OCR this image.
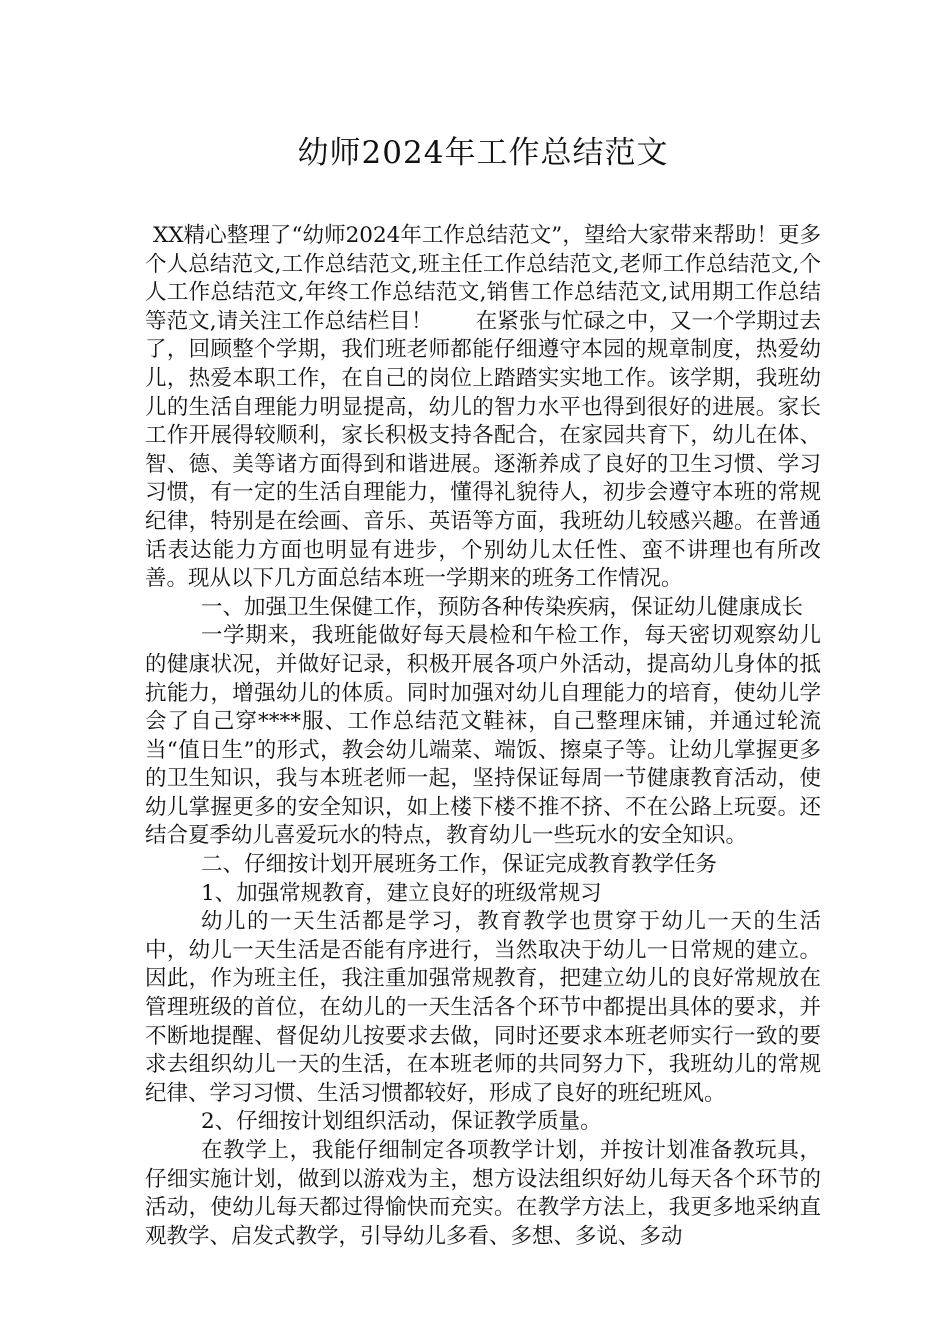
幼师2024年工作总结范文

XX精心整理了“幼师2024年工作总结范文”，望给大家带来帮助！更多个人总结范文,工作总结范文,班主任工作总结范文,老师工作总结范文,个人工作总结范文,年终工作总结范文,销售工作总结范文,试用期工作总结等范文,请关注工作总结栏目！　　在紧张与忙碌之中，又一个学期过去了，回顾整个学期，我们班老师都能仔细遵守本园的规章制度，热爱幼儿，热爱本职工作，在自己的岗位上踏踏实实地工作。该学期，我班幼儿的生活自理能力明显提高，幼儿的智力水平也得到很好的进展。家长工作开展得较顺利，家长积极支持各配合，在家园共育下，幼儿在体、智、德、美等诸方面得到和谐进展。逐渐养成了良好的卫生习惯、学习习惯，有一定的生活自理能力，懂得礼貌待人，初步会遵守本班的常规纪律，特别是在绘画、音乐、英语等方面，我班幼儿较感兴趣。在普通话表达能力方面也明显有进步，个别幼儿太任性、蛮不讲理也有所改善。现从以下几方面总结本班一学期来的班务工作情况。

一、加强卫生保健工作，预防各种传染疾病，保证幼儿健康成长

一学期来，我班能做好每天晨检和午检工作，每天密切观察幼儿的健康状况，并做好记录，积极开展各项户外活动，提高幼儿身体的抵抗能力，增强幼儿的体质。同时加强对幼儿自理能力的培育，使幼儿学会了自己穿****服、工作总结范文鞋袜，自己整理床铺，并通过轮流当“值日生”的形式，教会幼儿端菜、端饭、擦桌子等。让幼儿掌握更多的卫生知识，我与本班老师一起，坚持保证每周一节健康教育活动，使幼儿掌握更多的安全知识，如上楼下楼不推不挤、不在公路上玩耍。还结合夏季幼儿喜爱玩水的特点，教育幼儿一些玩水的安全知识。

二、仔细按计划开展班务工作，保证完成教育教学任务

1、加强常规教育，建立良好的班级常规习

幼儿的一天生活都是学习，教育教学也贯穿于幼儿一天的生活中，幼儿一天生活是否能有序进行，当然取决于幼儿一日常规的建立。因此，作为班主任，我注重加强常规教育，把建立幼儿的良好常规放在管理班级的首位，在幼儿的一天生活各个环节中都提出具体的要求，并不断地提醒、督促幼儿按要求去做，同时还要求本班老师实行一致的要求去组织幼儿一天的生活，在本班老师的共同努力下，我班幼儿的常规纪律、学习习惯、生活习惯都较好，形成了良好的班纪班风。

2、仔细按计划组织活动，保证教学质量。

在教学上，我能仔细制定各项教学计划，并按计划准备教玩具，仔细实施计划，做到以游戏为主，想方设法组织好幼儿每天各个环节的活动，使幼儿每天都过得愉快而充实。在教学方法上，我更多地采纳直观教学、启发式教学，引导幼儿多看、多想、多说、多动
